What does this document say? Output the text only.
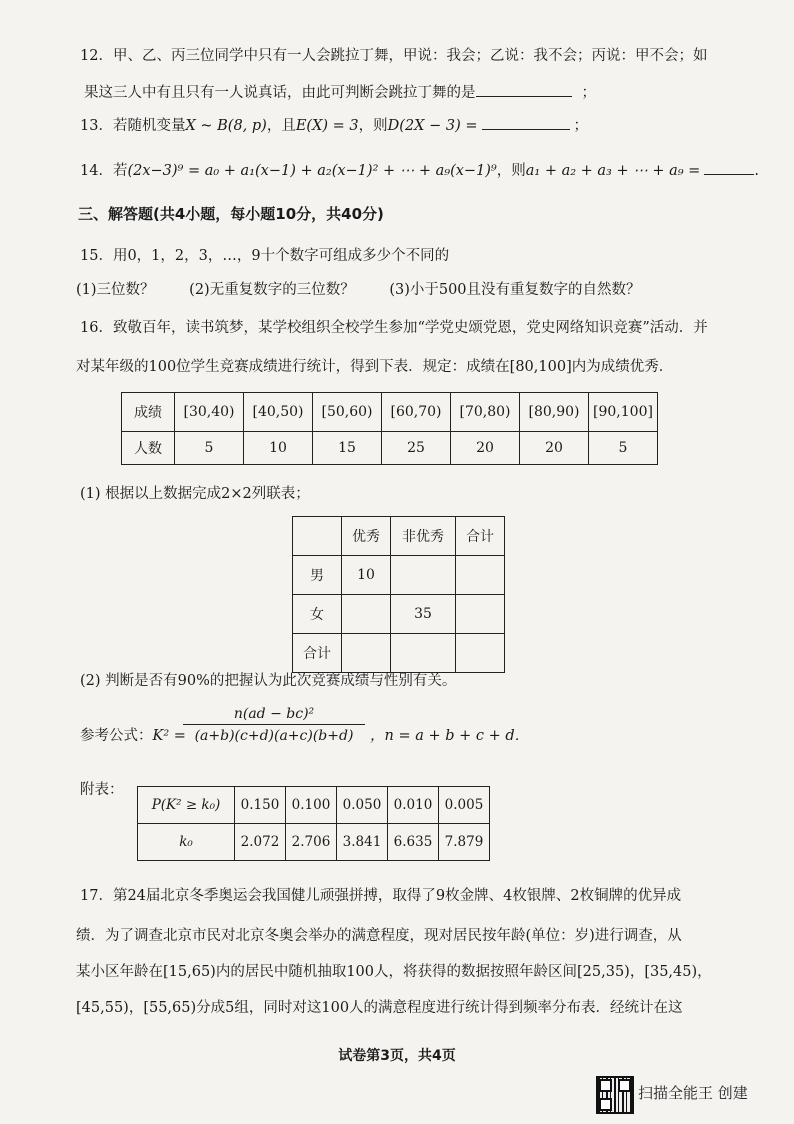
12．甲、乙、丙三位同学中只有一人会跳拉丁舞，甲说：我会；乙说：我不会；丙说：甲不会；如
果这三人中有且只有一人说真话，由此可判断会跳拉丁舞的是	；
13．若随机变量X ~ B(8, p)，且E(X) = 3，则D(2X − 3) =	；
14．若(2x−3)⁹ = a₀ + a₁(x−1) + a₂(x−1)² + ⋯ + a₉(x−1)⁹，则a₁ + a₂ + a₃ + ⋯ + a₉ =	.
三、解答题(共4小题，每小题10分，共40分)
15．用0，1，2，3，…，9十个数字可组成多少个不同的
(1)三位数？ (2)无重复数字的三位数？ (3)小于500且没有重复数字的自然数？
16．致敬百年，读书筑梦，某学校组织全校学生参加“学党史颂党恩，党史网络知识竞赛”活动．并
对某年级的100位学生竞赛成绩进行统计，得到下表．规定：成绩在[80,100]内为成绩优秀．
成绩	[30,40)	[40,50)	[50,60)	[60,70)	[70,80)	[80,90)	[90,100]
人数	5	10	15	25	20	20	5
(1) 根据以上数据完成2×2列联表；
	优秀	非优秀	合计
男	10		
女		35	
合计			
(2) 判断是否有90%的把握认为此次竞赛成绩与性别有关。
参考公式：K² =
n(ad − bc)²
(a+b)(c+d)(a+c)(b+d)	，n = a + b + c + d．
附表：
P(K² ≥ k₀)	0.150	0.100	0.050	0.010	0.005
k₀	2.072	2.706	3.841	6.635	7.879
17．第24届北京冬季奥运会我国健儿顽强拼搏，取得了9枚金牌、4枚银牌、2枚铜牌的优异成
绩．为了调查北京市民对北京冬奥会举办的满意程度，现对居民按年龄(单位：岁)进行调查，从
某小区年龄在[15,65)内的居民中随机抽取100人，将获得的数据按照年龄区间[25,35)，[35,45)，
[45,55)，[55,65)分成5组，同时对这100人的满意程度进行统计得到频率分布表．经统计在这
试卷第3页，共4页
扫描全能王 创建
